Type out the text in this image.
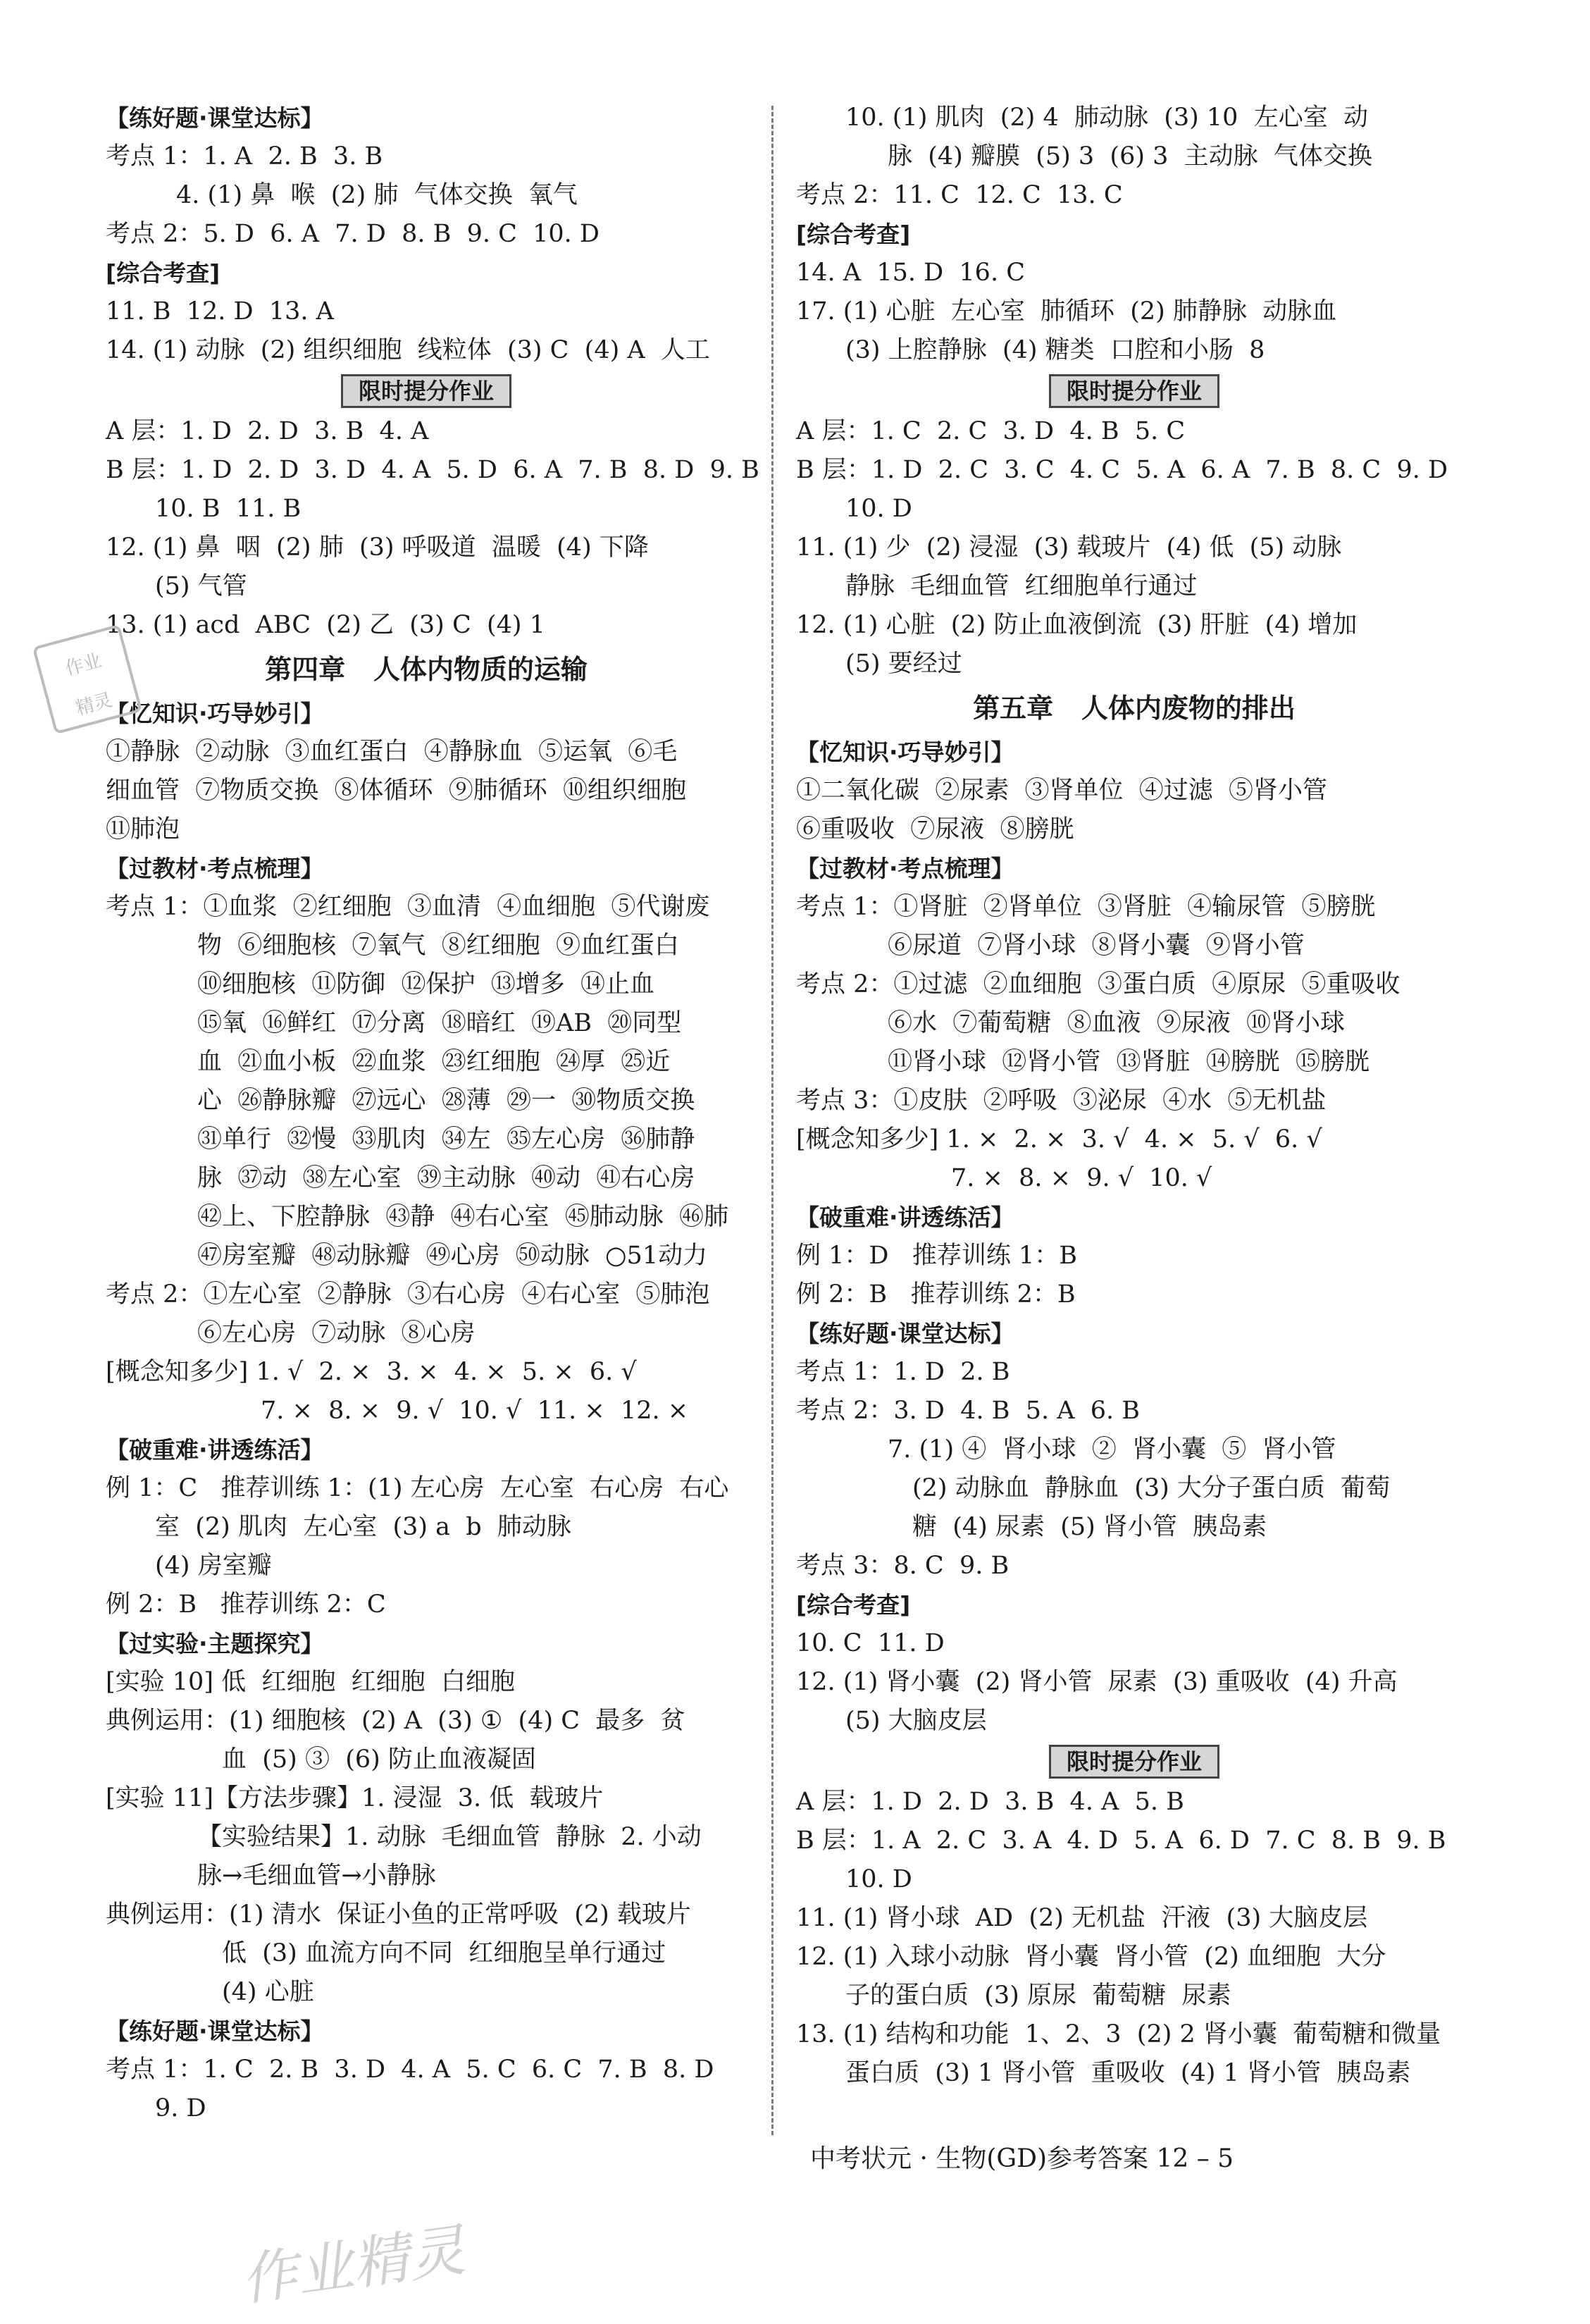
【练好题·课堂达标】
考点 1：1. A  2. B  3. B
4. (1) 鼻  喉  (2) 肺  气体交换  氧气
考点 2：5. D  6. A  7. D  8. B  9. C  10. D
[综合考查]
11. B  12. D  13. A
14. (1) 动脉  (2) 组织细胞  线粒体  (3) C  (4) A  人工
限时提分作业
A 层：1. D  2. D  3. B  4. A
B 层：1. D  2. D  3. D  4. A  5. D  6. A  7. B  8. D  9. B
10. B  11. B
12. (1) 鼻  咽  (2) 肺  (3) 呼吸道  温暖  (4) 下降
(5) 气管
13. (1) acd  ABC  (2) 乙  (3) C  (4) 1
第四章   人体内物质的运输
【忆知识·巧导妙引】
①静脉  ②动脉  ③血红蛋白  ④静脉血  ⑤运氧  ⑥毛
细血管  ⑦物质交换  ⑧体循环  ⑨肺循环  ⑩组织细胞
⑪肺泡
【过教材·考点梳理】
考点 1：①血浆  ②红细胞  ③血清  ④血细胞  ⑤代谢废
物  ⑥细胞核  ⑦氧气  ⑧红细胞  ⑨血红蛋白
⑩细胞核  ⑪防御  ⑫保护  ⑬增多  ⑭止血
⑮氧  ⑯鲜红  ⑰分离  ⑱暗红  ⑲AB  ⑳同型
血  ㉑血小板  ㉒血浆  ㉓红细胞  ㉔厚  ㉕近
心  ㉖静脉瓣  ㉗远心  ㉘薄  ㉙一  ㉚物质交换
㉛单行  ㉜慢  ㉝肌肉  ㉞左  ㉟左心房  ㊱肺静
脉  ㊲动  ㊳左心室  ㊴主动脉  ㊵动  ㊶右心房
㊷上、下腔静脉  ㊸静  ㊹右心室  ㊺肺动脉  ㊻肺
㊼房室瓣  ㊽动脉瓣  ㊾心房  ㊿动脉  ○51动力
考点 2：①左心室  ②静脉  ③右心房  ④右心室  ⑤肺泡
⑥左心房  ⑦动脉  ⑧心房
[概念知多少] 1. √  2. ×  3. ×  4. ×  5. ×  6. √
7. ×  8. ×  9. √  10. √  11. ×  12. ×
【破重难·讲透练活】
例 1：C   推荐训练 1：(1) 左心房  左心室  右心房  右心
室  (2) 肌肉  左心室  (3) a  b  肺动脉
(4) 房室瓣
例 2：B   推荐训练 2：C
【过实验·主题探究】
[实验 10] 低  红细胞  红细胞  白细胞
典例运用：(1) 细胞核  (2) A  (3) ①  (4) C  最多  贫
血  (5) ③  (6) 防止血液凝固
[实验 11]【方法步骤】1. 浸湿  3. 低  载玻片
【实验结果】1. 动脉  毛细血管  静脉  2. 小动
脉→毛细血管→小静脉
典例运用：(1) 清水  保证小鱼的正常呼吸  (2) 载玻片
低  (3) 血流方向不同  红细胞呈单行通过
(4) 心脏
【练好题·课堂达标】
考点 1：1. C  2. B  3. D  4. A  5. C  6. C  7. B  8. D
9. D
10. (1) 肌肉  (2) 4  肺动脉  (3) 10  左心室  动
脉  (4) 瓣膜  (5) 3  (6) 3  主动脉  气体交换
考点 2：11. C  12. C  13. C
[综合考查]
14. A  15. D  16. C
17. (1) 心脏  左心室  肺循环  (2) 肺静脉  动脉血
(3) 上腔静脉  (4) 糖类  口腔和小肠  8
限时提分作业
A 层：1. C  2. C  3. D  4. B  5. C
B 层：1. D  2. C  3. C  4. C  5. A  6. A  7. B  8. C  9. D
10. D
11. (1) 少  (2) 浸湿  (3) 载玻片  (4) 低  (5) 动脉
静脉  毛细血管  红细胞单行通过
12. (1) 心脏  (2) 防止血液倒流  (3) 肝脏  (4) 增加
(5) 要经过
第五章   人体内废物的排出
【忆知识·巧导妙引】
①二氧化碳  ②尿素  ③肾单位  ④过滤  ⑤肾小管
⑥重吸收  ⑦尿液  ⑧膀胱
【过教材·考点梳理】
考点 1：①肾脏  ②肾单位  ③肾脏  ④输尿管  ⑤膀胱
⑥尿道  ⑦肾小球  ⑧肾小囊  ⑨肾小管
考点 2：①过滤  ②血细胞  ③蛋白质  ④原尿  ⑤重吸收
⑥水  ⑦葡萄糖  ⑧血液  ⑨尿液  ⑩肾小球
⑪肾小球  ⑫肾小管  ⑬肾脏  ⑭膀胱  ⑮膀胱
考点 3：①皮肤  ②呼吸  ③泌尿  ④水  ⑤无机盐
[概念知多少] 1. ×  2. ×  3. √  4. ×  5. √  6. √
7. ×  8. ×  9. √  10. √
【破重难·讲透练活】
例 1：D   推荐训练 1：B
例 2：B   推荐训练 2：B
【练好题·课堂达标】
考点 1：1. D  2. B
考点 2：3. D  4. B  5. A  6. B
7. (1) ④  肾小球  ②  肾小囊  ⑤  肾小管
(2) 动脉血  静脉血  (3) 大分子蛋白质  葡萄
糖  (4) 尿素  (5) 肾小管  胰岛素
考点 3：8. C  9. B
[综合考查]
10. C  11. D
12. (1) 肾小囊  (2) 肾小管  尿素  (3) 重吸收  (4) 升高
(5) 大脑皮层
限时提分作业
A 层：1. D  2. D  3. B  4. A  5. B
B 层：1. A  2. C  3. A  4. D  5. A  6. D  7. C  8. B  9. B
10. D
11. (1) 肾小球  AD  (2) 无机盐  汗液  (3) 大脑皮层
12. (1) 入球小动脉  肾小囊  肾小管  (2) 血细胞  大分
子的蛋白质  (3) 原尿  葡萄糖  尿素
13. (1) 结构和功能  1、2、3  (2) 2 肾小囊  葡萄糖和微量
蛋白质  (3) 1 肾小管  重吸收  (4) 1 肾小管  胰岛素
中考状元 · 生物(GD)参考答案 12 – 5
作业
精灵
作业精灵
